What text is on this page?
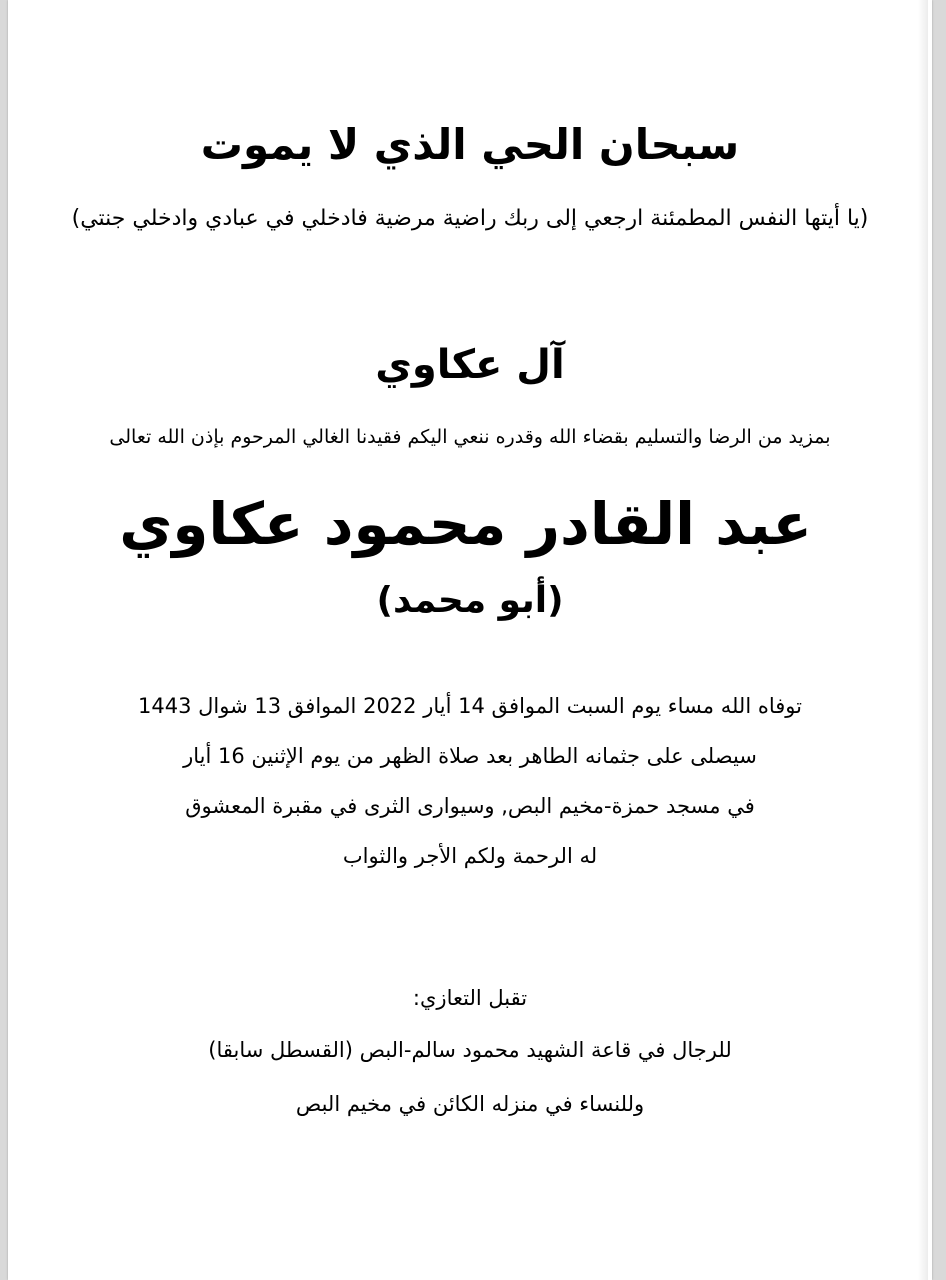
سبحان الحي الذي لا يموت
(يا أيتها النفس المطمئنة ارجعي إلى ربك راضية مرضية فادخلي في عبادي وادخلي جنتي)
آل عكاوي
بمزيد من الرضا والتسليم بقضاء الله وقدره ننعي اليكم فقيدنا الغالي المرحوم بإذن الله تعالى
عبد القادر محمود عكاوي
(أبو محمد)
توفاه الله مساء يوم السبت الموافق 14 أيار 2022 الموافق 13 شوال 1443
سيصلى على جثمانه الطاهر بعد صلاة الظهر من يوم الإثنين 16 أيار
في مسجد حمزة-مخيم البص, وسيوارى الثرى في مقبرة المعشوق
له الرحمة ولكم الأجر والثواب
تقبل التعازي:
للرجال في قاعة الشهيد محمود سالم-البص (القسطل سابقا)
وللنساء في منزله الكائن في مخيم البص
